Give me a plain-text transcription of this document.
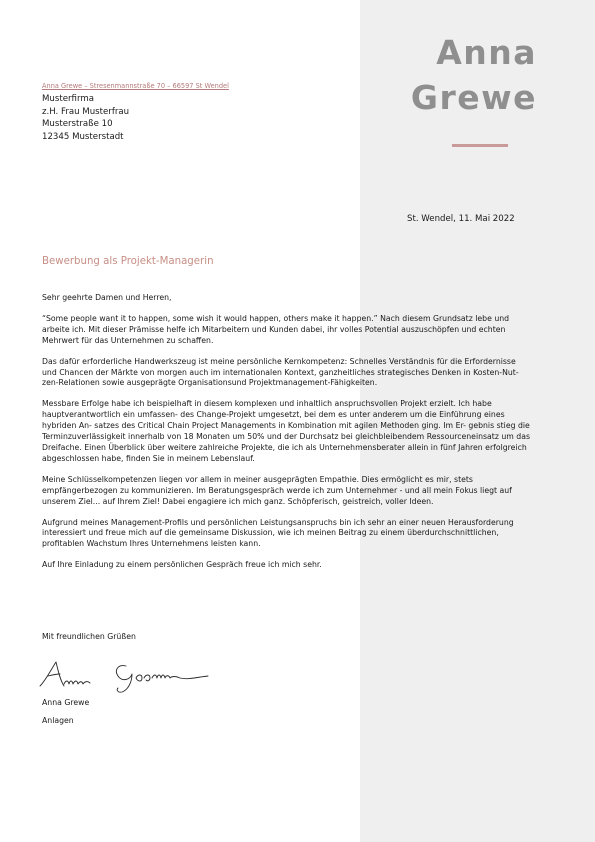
Anna
Grewe
Anna Grewe – Stresenmannstraße 70 – 66597 St Wendel
Musterfirma
z.H. Frau Musterfrau
Musterstraße 10
12345 Musterstadt
St. Wendel, 11. Mai 2022
Bewerbung als Projekt-Managerin

Sehr geehrte Damen und Herren,

“Some people want it to happen, some wish it would happen, others make it happen.” Nach diesem Grundsatz lebe und arbeite ich. Mit dieser Prämisse helfe ich Mitarbeitern und Kunden dabei, ihr volles Potential auszuschöpfen und echten Mehrwert für das Unternehmen zu schaffen.

Das dafür erforderliche Handwerkszeug ist meine persönliche Kernkompetenz: Schnelles Verständnis für die Erfordernisse und Chancen der Märkte von morgen auch im internationalen Kontext, ganzheitliches strategisches Denken in Kosten-Nut- zen-Relationen sowie ausgeprägte Organisationsund Projektmanagement-Fähigkeiten.

Messbare Erfolge habe ich beispielhaft in diesem komplexen und inhaltlich anspruchsvollen Projekt erzielt. Ich habe hauptverantwortlich ein umfassen- des Change-Projekt umgesetzt, bei dem es unter anderem um die Einführung eines hybriden An- satzes des Critical Chain Project Managements in Kombination mit agilen Methoden ging. Im Er- gebnis stieg die Terminzuverlässigkeit innerhalb von 18 Monaten um 50% und der Durchsatz bei gleichbleibendem Ressourceneinsatz um das Dreifache. Einen Überblick über weitere zahlreiche Projekte, die ich als Unternehmensberater allein in fünf Jahren erfolgreich abgeschlossen habe, finden Sie in meinem Lebenslauf.

Meine Schlüsselkompetenzen liegen vor allem in meiner ausgeprägten Empathie. Dies ermöglicht es mir, stets empfängerbezogen zu kommunizieren. Im Beratungsgespräch werde ich zum Unternehmer - und all mein Fokus liegt auf unserem Ziel... auf Ihrem Ziel! Dabei engagiere ich mich ganz. Schöpferisch, geistreich, voller Ideen.

Aufgrund meines Management-Profils und persönlichen Leistungsanspruchs bin ich sehr an einer neuen Herausforderung interessiert und freue mich auf die gemeinsame Diskussion, wie ich meinen Beitrag zu einem überdurchschnittlichen, profitablen Wachstum Ihres Unternehmens leisten kann.

Auf Ihre Einladung zu einem persönlichen Gespräch freue ich mich sehr.

Mit freundlichen Grüßen
Anna Grewe
Anlagen
